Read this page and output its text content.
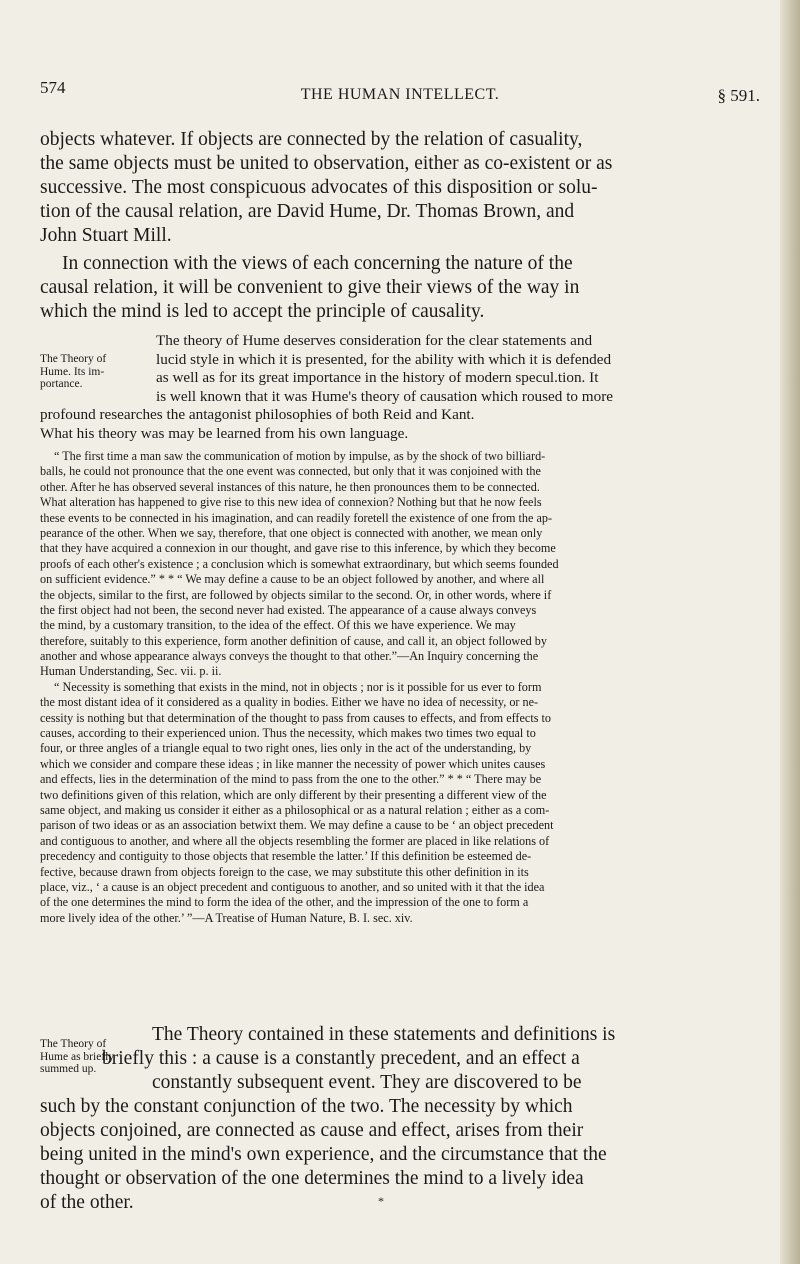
574	THE HUMAN INTELLECT.	§ 591.
objects whatever. If objects are connected by the relation of casuality,
the same objects must be united to observation, either as co-existent or as
successive. The most conspicuous advocates of this disposition or solu-
tion of the causal relation, are David Hume, Dr. Thomas Brown, and
John Stuart Mill.
In connection with the views of each concerning the nature of the
causal relation, it will be convenient to give their views of the way in
which the mind is led to accept the principle of causality.
The Theory of
Hume. Its im-
portance.
The theory of Hume deserves consideration for the clear statements and
lucid style in which it is presented, for the ability with which it is defended
as well as for its great importance in the history of modern specul.tion. It
is well known that it was Hume's theory of causation which roused to more
profound researches the antagonist philosophies of both Reid and Kant.
What his theory was may be learned from his own language.
“ The first time a man saw the communication of motion by impulse, as by the shock of two billiard-
balls, he could not pronounce that the one event was connected, but only that it was conjoined with the
other. After he has observed several instances of this nature, he then pronounces them to be connected.
What alteration has happened to give rise to this new idea of connexion? Nothing but that he now feels
these events to be connected in his imagination, and can readily foretell the existence of one from the ap-
pearance of the other. When we say, therefore, that one object is connected with another, we mean only
that they have acquired a connexion in our thought, and gave rise to this inference, by which they become
proofs of each other's existence ; a conclusion which is somewhat extraordinary, but which seems founded
on sufficient evidence.” * * “ We may define a cause to be an object followed by another, and where all
the objects, similar to the first, are followed by objects similar to the second. Or, in other words, where if
the first object had not been, the second never had existed. The appearance of a cause always conveys
the mind, by a customary transition, to the idea of the effect. Of this we have experience. We may
therefore, suitably to this experience, form another definition of cause, and call it, an object followed by
another and whose appearance always conveys the thought to that other.”—An Inquiry concerning the
Human Understanding, Sec. vii. p. ii.
“ Necessity is something that exists in the mind, not in objects ; nor is it possible for us ever to form
the most distant idea of it considered as a quality in bodies. Either we have no idea of necessity, or ne-
cessity is nothing but that determination of the thought to pass from causes to effects, and from effects to
causes, according to their experienced union. Thus the necessity, which makes two times two equal to
four, or three angles of a triangle equal to two right ones, lies only in the act of the understanding, by
which we consider and compare these ideas ; in like manner the necessity of power which unites causes
and effects, lies in the determination of the mind to pass from the one to the other.” * * “ There may be
two definitions given of this relation, which are only different by their presenting a different view of the
same object, and making us consider it either as a philosophical or as a natural relation ; either as a com-
parison of two ideas or as an association betwixt them. We may define a cause to be ‘ an object precedent
and contiguous to another, and where all the objects resembling the former are placed in like relations of
precedency and contiguity to those objects that resemble the latter.’ If this definition be esteemed de-
fective, because drawn from objects foreign to the case, we may substitute this other definition in its
place, viz., ‘ a cause is an object precedent and contiguous to another, and so united with it that the idea
of the one determines the mind to form the idea of the other, and the impression of the one to form a
more lively idea of the other.’ ”—A Treatise of Human Nature, B. I. sec. xiv.
The Theory of
Hume as briefly
summed up.
The Theory contained in these statements and definitions is
briefly this : a cause is a constantly precedent, and an effect a
constantly subsequent event. They are discovered to be
such by the constant conjunction of the two. The necessity by which
objects conjoined, are connected as cause and effect, arises from their
being united in the mind's own experience, and the circumstance that the
thought or observation of the one determines the mind to a lively idea
of the other.	*
